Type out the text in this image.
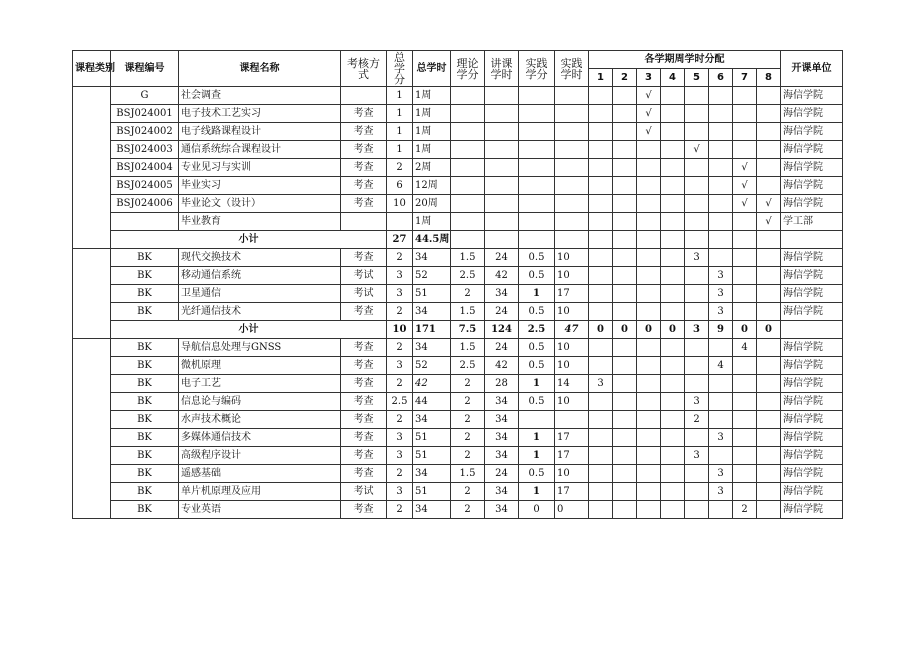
课程类别	课程编号	课程名称	考核方式	总学分	总学时	理论学分	讲课学时	实践学分	实践学时	各学期周学时分配								开课单位
										1	2	3	4	5	6	7	8	
	G	社会调查		1	1周							√						海信学院
	BSJ024001	电子技术工艺实习	考查	1	1周							√						海信学院
	BSJ024002	电子线路课程设计	考查	1	1周							√						海信学院
	BSJ024003	通信系统综合课程设计	考查	1	1周									√				海信学院
	BSJ024004	专业见习与实训	考查	2	2周											√		海信学院
	BSJ024005	毕业实习	考查	6	12周											√		海信学院
	BSJ024006	毕业论文（设计）	考查	10	20周											√	√	海信学院
		毕业教育			1周												√	学工部
	小计			27	44.5周													
	BK	现代交换技术	考查	2	34	1.5	24	0.5	10					3				海信学院
	BK	移动通信系统	考试	3	52	2.5	42	0.5	10						3			海信学院
	BK	卫星通信	考试	3	51	2	34	1	17						3			海信学院
	BK	光纤通信技术	考查	2	34	1.5	24	0.5	10						3			海信学院
	小计			10	171	7.5	124	2.5	47	0	0	0	0	3	9	0	0	
	BK	导航信息处理与GNSS	考查	2	34	1.5	24	0.5	10							4		海信学院
	BK	微机原理	考查	3	52	2.5	42	0.5	10						4			海信学院
	BK	电子工艺	考查	2	42	2	28	1	14	3								海信学院
	BK	信息论与编码	考查	2.5	44	2	34	0.5	10					3				海信学院
	BK	水声技术概论	考查	2	34	2	34							2				海信学院
	BK	多媒体通信技术	考查	3	51	2	34	1	17						3			海信学院
	BK	高级程序设计	考查	3	51	2	34	1	17					3				海信学院
	BK	遥感基础	考查	2	34	1.5	24	0.5	10						3			海信学院
	BK	单片机原理及应用	考试	3	51	2	34	1	17						3			海信学院
	BK	专业英语	考查	2	34	2	34	0	0							2		海信学院
